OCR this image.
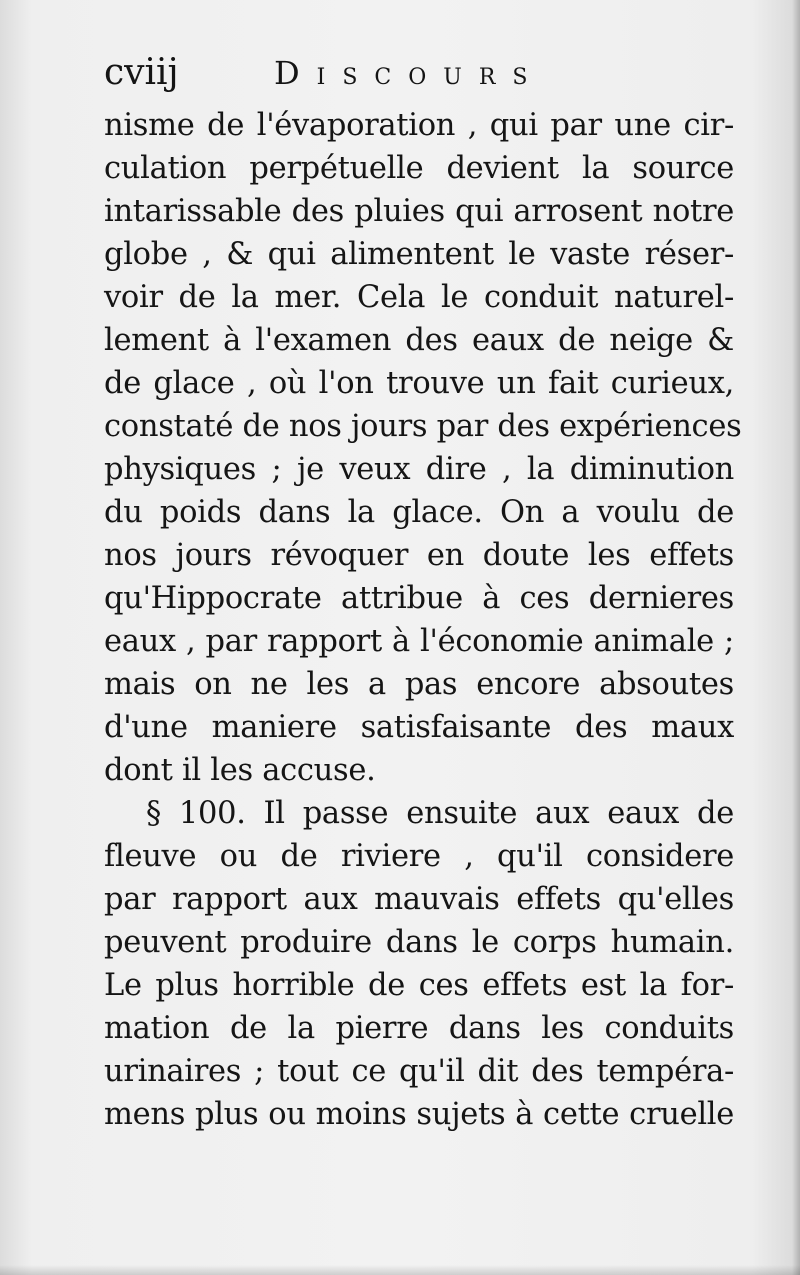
cviij	Discours
nisme de l'évaporation , qui par une cir-
culation perpétuelle devient la source
intarissable des pluies qui arrosent notre
globe , & qui alimentent le vaste réser-
voir de la mer. Cela le conduit naturel-
lement à l'examen des eaux de neige &
de glace , où l'on trouve un fait curieux,
constaté de nos jours par des expériences
physiques ; je veux dire , la diminution
du poids dans la glace. On a voulu de
nos jours révoquer en doute les effets
qu'Hippocrate attribue à ces dernieres
eaux , par rapport à l'économie animale ;
mais on ne les a pas encore absoutes
d'une maniere satisfaisante des maux
dont il les accuse.
§ 100. Il passe ensuite aux eaux de
fleuve ou de riviere , qu'il considere
par rapport aux mauvais effets qu'elles
peuvent produire dans le corps humain.
Le plus horrible de ces effets est la for-
mation de la pierre dans les conduits
urinaires ; tout ce qu'il dit des tempéra-
mens plus ou moins sujets à cette cruelle
